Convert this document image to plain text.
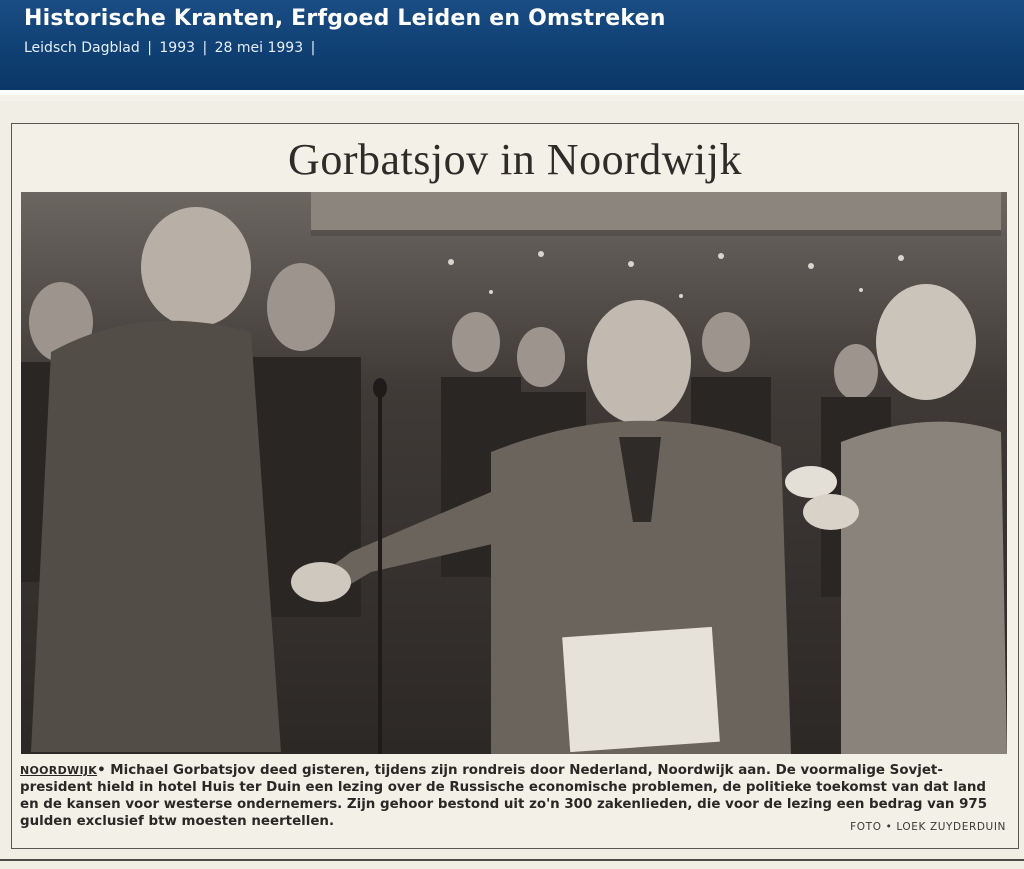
Historische Kranten, Erfgoed Leiden en Omstreken
Leidsch Dagblad | 1993 | 28 mei 1993 |
Gorbatsjov in Noordwijk
NOORDWIJK• Michael Gorbatsjov deed gisteren, tijdens zijn rondreis door Nederland, Noordwijk aan. De voormalige Sovjet-president hield in hotel Huis ter Duin een lezing over de Russische economische problemen, de politieke toekomst van dat land en de kansen voor westerse ondernemers. Zijn gehoor bestond uit zo'n 300 zakenlieden, die voor de lezing een bedrag van 975 gulden exclusief btw moesten neertellen.	FOTO • LOEK ZUYDERDUIN
